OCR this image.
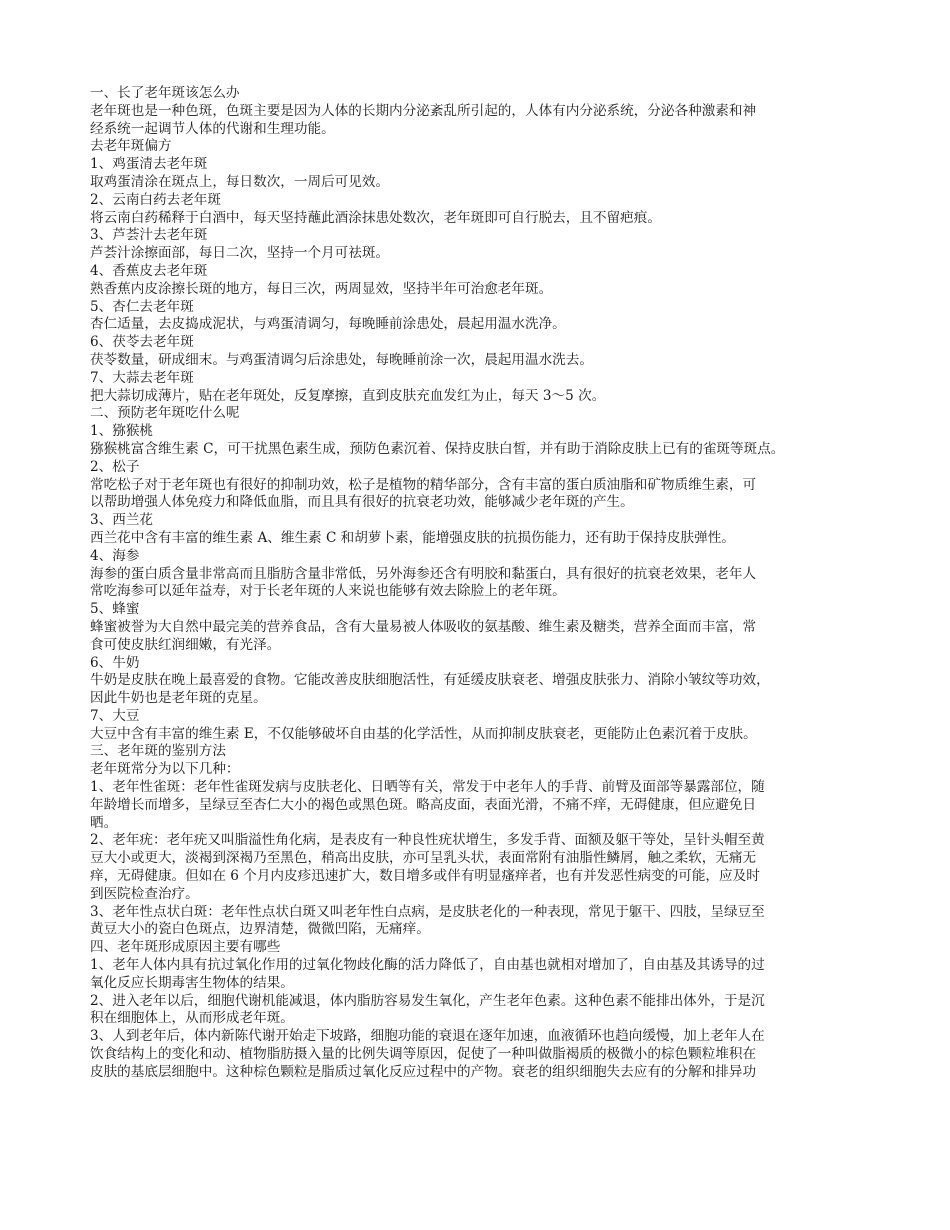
一、长了老年斑该怎么办

老年斑也是一种色斑，色斑主要是因为人体的长期内分泌紊乱所引起的，人体有内分泌系统，分泌各种激素和神

经系统一起调节人体的代谢和生理功能。

去老年斑偏方

1、鸡蛋清去老年斑

取鸡蛋清涂在斑点上，每日数次，一周后可见效。

2、云南白药去老年斑

将云南白药稀释于白酒中，每天坚持蘸此酒涂抹患处数次，老年斑即可自行脱去，且不留疤痕。

3、芦荟汁去老年斑

芦荟汁涂擦面部，每日二次，坚持一个月可祛斑。

4、香蕉皮去老年斑

熟香蕉内皮涂擦长斑的地方，每日三次，两周显效，坚持半年可治愈老年斑。

5、杏仁去老年斑

杏仁适量，去皮捣成泥状，与鸡蛋清调匀，每晚睡前涂患处，晨起用温水洗净。

6、茯苓去老年斑

茯苓数量，研成细末。与鸡蛋清调匀后涂患处，每晚睡前涂一次，晨起用温水洗去。

7、大蒜去老年斑

把大蒜切成薄片，贴在老年斑处，反复摩擦，直到皮肤充血发红为止，每天 3～5 次。

二、预防老年斑吃什么呢

1、猕猴桃

猕猴桃富含维生素 C，可干扰黑色素生成，预防色素沉着、保持皮肤白皙，并有助于消除皮肤上已有的雀斑等斑点。

2、松子

常吃松子对于老年斑也有很好的抑制功效，松子是植物的精华部分，含有丰富的蛋白质油脂和矿物质维生素，可

以帮助增强人体免疫力和降低血脂，而且具有很好的抗衰老功效，能够减少老年斑的产生。

3、西兰花

西兰花中含有丰富的维生素 A、维生素 C 和胡萝卜素，能增强皮肤的抗损伤能力，还有助于保持皮肤弹性。

4、海参

海参的蛋白质含量非常高而且脂肪含量非常低，另外海参还含有明胶和黏蛋白，具有很好的抗衰老效果，老年人

常吃海参可以延年益寿，对于长老年斑的人来说也能够有效去除脸上的老年斑。

5、蜂蜜

蜂蜜被誉为大自然中最完美的营养食品，含有大量易被人体吸收的氨基酸、维生素及糖类，营养全面而丰富，常

食可使皮肤红润细嫩，有光泽。

6、牛奶

牛奶是皮肤在晚上最喜爱的食物。它能改善皮肤细胞活性，有延缓皮肤衰老、增强皮肤张力、消除小皱纹等功效，

因此牛奶也是老年斑的克星。

7、大豆

大豆中含有丰富的维生素 E，不仅能够破坏自由基的化学活性，从而抑制皮肤衰老，更能防止色素沉着于皮肤。

三、老年斑的鉴别方法

老年斑常分为以下几种：

1、老年性雀斑：老年性雀斑发病与皮肤老化、日晒等有关，常发于中老年人的手背、前臂及面部等暴露部位，随

年龄增长而增多，呈绿豆至杏仁大小的褐色或黑色斑。略高皮面，表面光滑，不痛不痒，无碍健康，但应避免日

晒。

2、老年疣：老年疣又叫脂溢性角化病，是表皮有一种良性疣状增生，多发手背、面额及躯干等处，呈针头帽至黄

豆大小或更大，淡褐到深褐乃至黑色，稍高出皮肤，亦可呈乳头状，表面常附有油脂性鳞屑，触之柔软，无痛无

痒，无碍健康。但如在 6 个月内皮疹迅速扩大，数目增多或伴有明显瘙痒者，也有并发恶性病变的可能，应及时

到医院检查治疗。

3、老年性点状白斑：老年性点状白斑又叫老年性白点病，是皮肤老化的一种表现，常见于躯干、四肢，呈绿豆至

黄豆大小的瓷白色斑点，边界清楚，微微凹陷，无痛痒。

四、老年斑形成原因主要有哪些

1、老年人体内具有抗过氧化作用的过氧化物歧化酶的活力降低了，自由基也就相对增加了，自由基及其诱导的过

氧化反应长期毒害生物体的结果。

2、进入老年以后，细胞代谢机能减退，体内脂肪容易发生氧化，产生老年色素。这种色素不能排出体外，于是沉

积在细胞体上，从而形成老年斑。

3、人到老年后，体内新陈代谢开始走下坡路，细胞功能的衰退在逐年加速，血液循环也趋向缓慢，加上老年人在

饮食结构上的变化和动、植物脂肪摄入量的比例失调等原因，促使了一种叫做脂褐质的极微小的棕色颗粒堆积在

皮肤的基底层细胞中。这种棕色颗粒是脂质过氧化反应过程中的产物。衰老的组织细胞失去应有的分解和排异功
